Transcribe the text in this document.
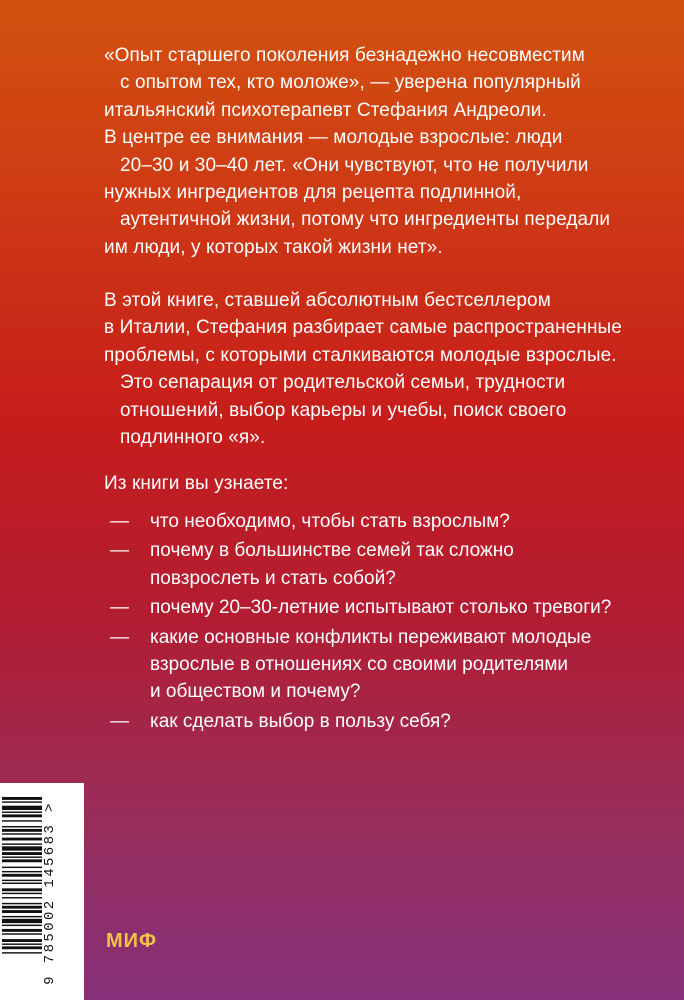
«Опыт старшего поколения безнадежно несовместим
с опытом тех, кто моложе», — уверена популярный
итальянский психотерапевт Стефания Андреоли.
В центре ее внимания — молодые взрослые: люди
20–30 и 30–40 лет. «Они чувствуют, что не получили
нужных ингредиентов для рецепта подлинной,
аутентичной жизни, потому что ингредиенты передали
им люди, у которых такой жизни нет».
В этой книге, ставшей абсолютным бестселлером
в Италии, Стефания разбирает самые распространенные
проблемы, с которыми сталкиваются молодые взрослые.
Это сепарация от родительской семьи, трудности
отношений, выбор карьеры и учебы, поиск своего
подлинного «я».
Из книги вы узнаете:
— что необходимо, чтобы стать взрослым?
— почему в большинстве семей так сложно
повзрослеть и стать собой?
— почему 20–30-летние испытывают столько тревоги?
— какие основные конфликты переживают молодые
взрослые в отношениях со своими родителями
и обществом и почему?
— как сделать выбор в пользу себя?
9 785002 145683 > МИФ
